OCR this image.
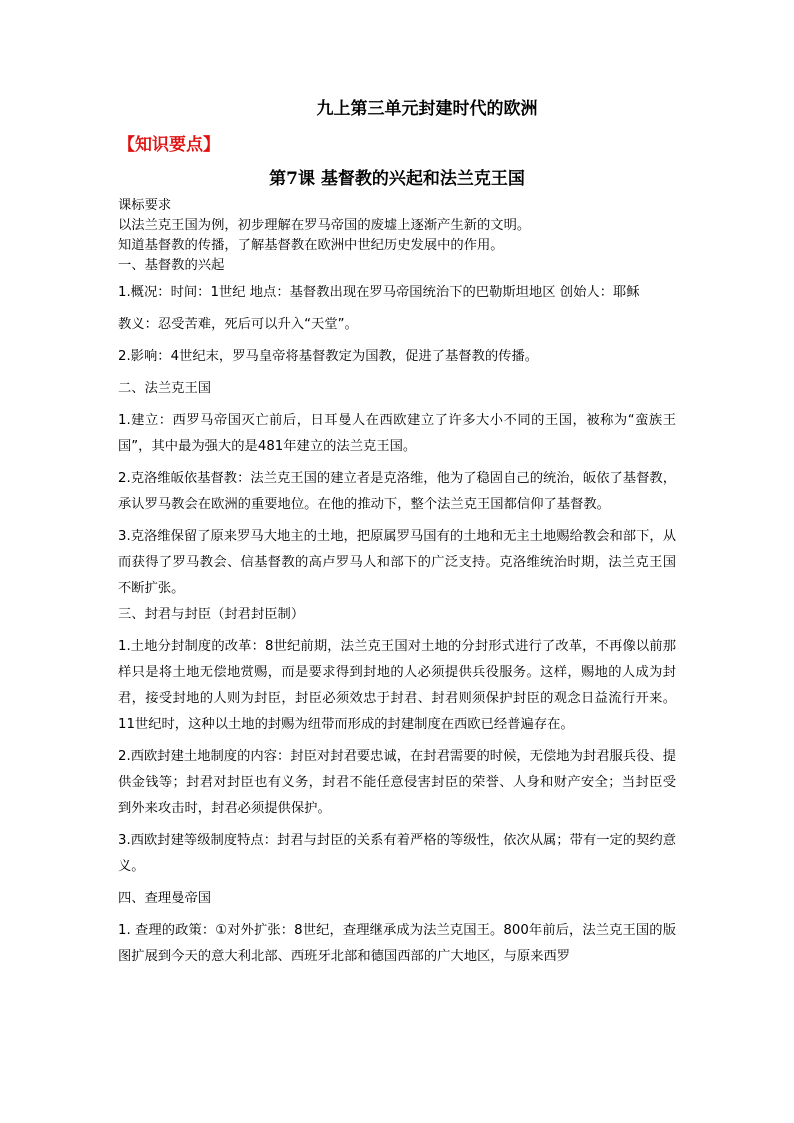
九上第三单元封建时代的欧洲

【知识要点】

第7课 基督教的兴起和法兰克王国

课标要求

以法兰克王国为例，初步理解在罗马帝国的废墟上逐渐产生新的文明。

知道基督教的传播，了解基督教在欧洲中世纪历史发展中的作用。

一、基督教的兴起

1.概况：时间：1世纪 地点：基督教出现在罗马帝国统治下的巴勒斯坦地区 创始人：耶稣

教义：忍受苦难，死后可以升入“天堂”。

2.影响：4世纪末，罗马皇帝将基督教定为国教，促进了基督教的传播。

二、法兰克王国

1.建立：西罗马帝国灭亡前后，日耳曼人在西欧建立了许多大小不同的王国，被称为“蛮族王国”，其中最为强大的是481年建立的法兰克王国。

2.克洛维皈依基督教：法兰克王国的建立者是克洛维，他为了稳固自己的统治，皈依了基督教，承认罗马教会在欧洲的重要地位。在他的推动下，整个法兰克王国都信仰了基督教。

3.克洛维保留了原来罗马大地主的土地，把原属罗马国有的土地和无主土地赐给教会和部下，从而获得了罗马教会、信基督教的高卢罗马人和部下的广泛支持。克洛维统治时期，法兰克王国不断扩张。

三、封君与封臣（封君封臣制）

1.土地分封制度的改革：8世纪前期，法兰克王国对土地的分封形式进行了改革，不再像以前那样只是将土地无偿地赏赐，而是要求得到封地的人必须提供兵役服务。这样，赐地的人成为封君，接受封地的人则为封臣，封臣必须效忠于封君、封君则须保护封臣的观念日益流行开来。11世纪时，这种以土地的封赐为纽带而形成的封建制度在西欧已经普遍存在。

2.西欧封建土地制度的内容：封臣对封君要忠诚，在封君需要的时候，无偿地为封君服兵役、提供金钱等；封君对封臣也有义务，封君不能任意侵害封臣的荣誉、人身和财产安全；当封臣受到外来攻击时，封君必须提供保护。

3.西欧封建等级制度特点：封君与封臣的关系有着严格的等级性，依次从属；带有一定的契约意义。

四、查理曼帝国

1. 查理的政策：①对外扩张：8世纪，查理继承成为法兰克国王。800年前后，法兰克王国的版图扩展到今天的意大利北部、西班牙北部和德国西部的广大地区，与原来西罗
